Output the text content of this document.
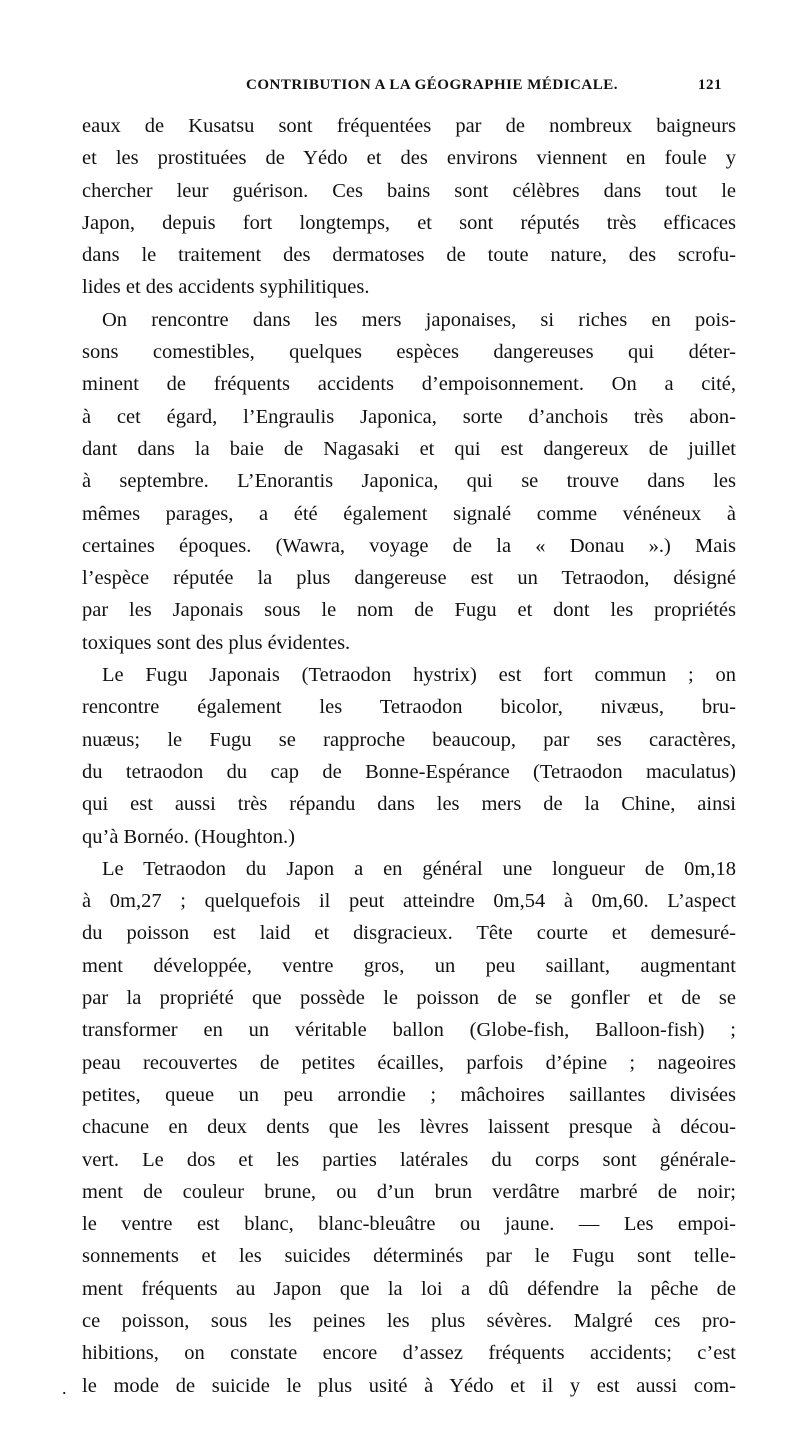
CONTRIBUTION A LA GÉOGRAPHIE MÉDICALE.	121
eaux de Kusatsu sont fréquentées par de nombreux baigneurs
et les prostituées de Yédo et des environs viennent en foule y
chercher leur guérison. Ces bains sont célèbres dans tout le
Japon, depuis fort longtemps, et sont réputés très efficaces
dans le traitement des dermatoses de toute nature, des scrofu-
lides et des accidents syphilitiques.
On rencontre dans les mers japonaises, si riches en pois-
sons comestibles, quelques espèces dangereuses qui déter-
minent de fréquents accidents d’empoisonnement. On a cité,
à cet égard, l’Engraulis Japonica, sorte d’anchois très abon-
dant dans la baie de Nagasaki et qui est dangereux de juillet
à septembre. L’Enorantis Japonica, qui se trouve dans les
mêmes parages, a été également signalé comme vénéneux à
certaines époques. (Wawra, voyage de la « Donau ».) Mais
l’espèce réputée la plus dangereuse est un Tetraodon, désigné
par les Japonais sous le nom de Fugu et dont les propriétés
toxiques sont des plus évidentes.
Le Fugu Japonais (Tetraodon hystrix) est fort commun ; on
rencontre également les Tetraodon bicolor, nivæus, bru-
nuæus; le Fugu se rapproche beaucoup, par ses caractères,
du tetraodon du cap de Bonne-Espérance (Tetraodon maculatus)
qui est aussi très répandu dans les mers de la Chine, ainsi
qu’à Bornéo. (Houghton.)
Le Tetraodon du Japon a en général une longueur de 0m,18
à 0m,27 ; quelquefois il peut atteindre 0m,54 à 0m,60. L’aspect
du poisson est laid et disgracieux. Tête courte et demesuré-
ment développée, ventre gros, un peu saillant, augmentant
par la propriété que possède le poisson de se gonfler et de se
transformer en un véritable ballon (Globe-fish, Balloon-fish) ;
peau recouvertes de petites écailles, parfois d’épine ; nageoires
petites, queue un peu arrondie ; mâchoires saillantes divisées
chacune en deux dents que les lèvres laissent presque à décou-
vert. Le dos et les parties latérales du corps sont générale-
ment de couleur brune, ou d’un brun verdâtre marbré de noir;
le ventre est blanc, blanc-bleuâtre ou jaune. — Les empoi-
sonnements et les suicides déterminés par le Fugu sont telle-
ment fréquents au Japon que la loi a dû défendre la pêche de
ce poisson, sous les peines les plus sévères. Malgré ces pro-
hibitions, on constate encore d’assez fréquents accidents; c’est
le mode de suicide le plus usité à Yédo et il y est aussi com-
.
